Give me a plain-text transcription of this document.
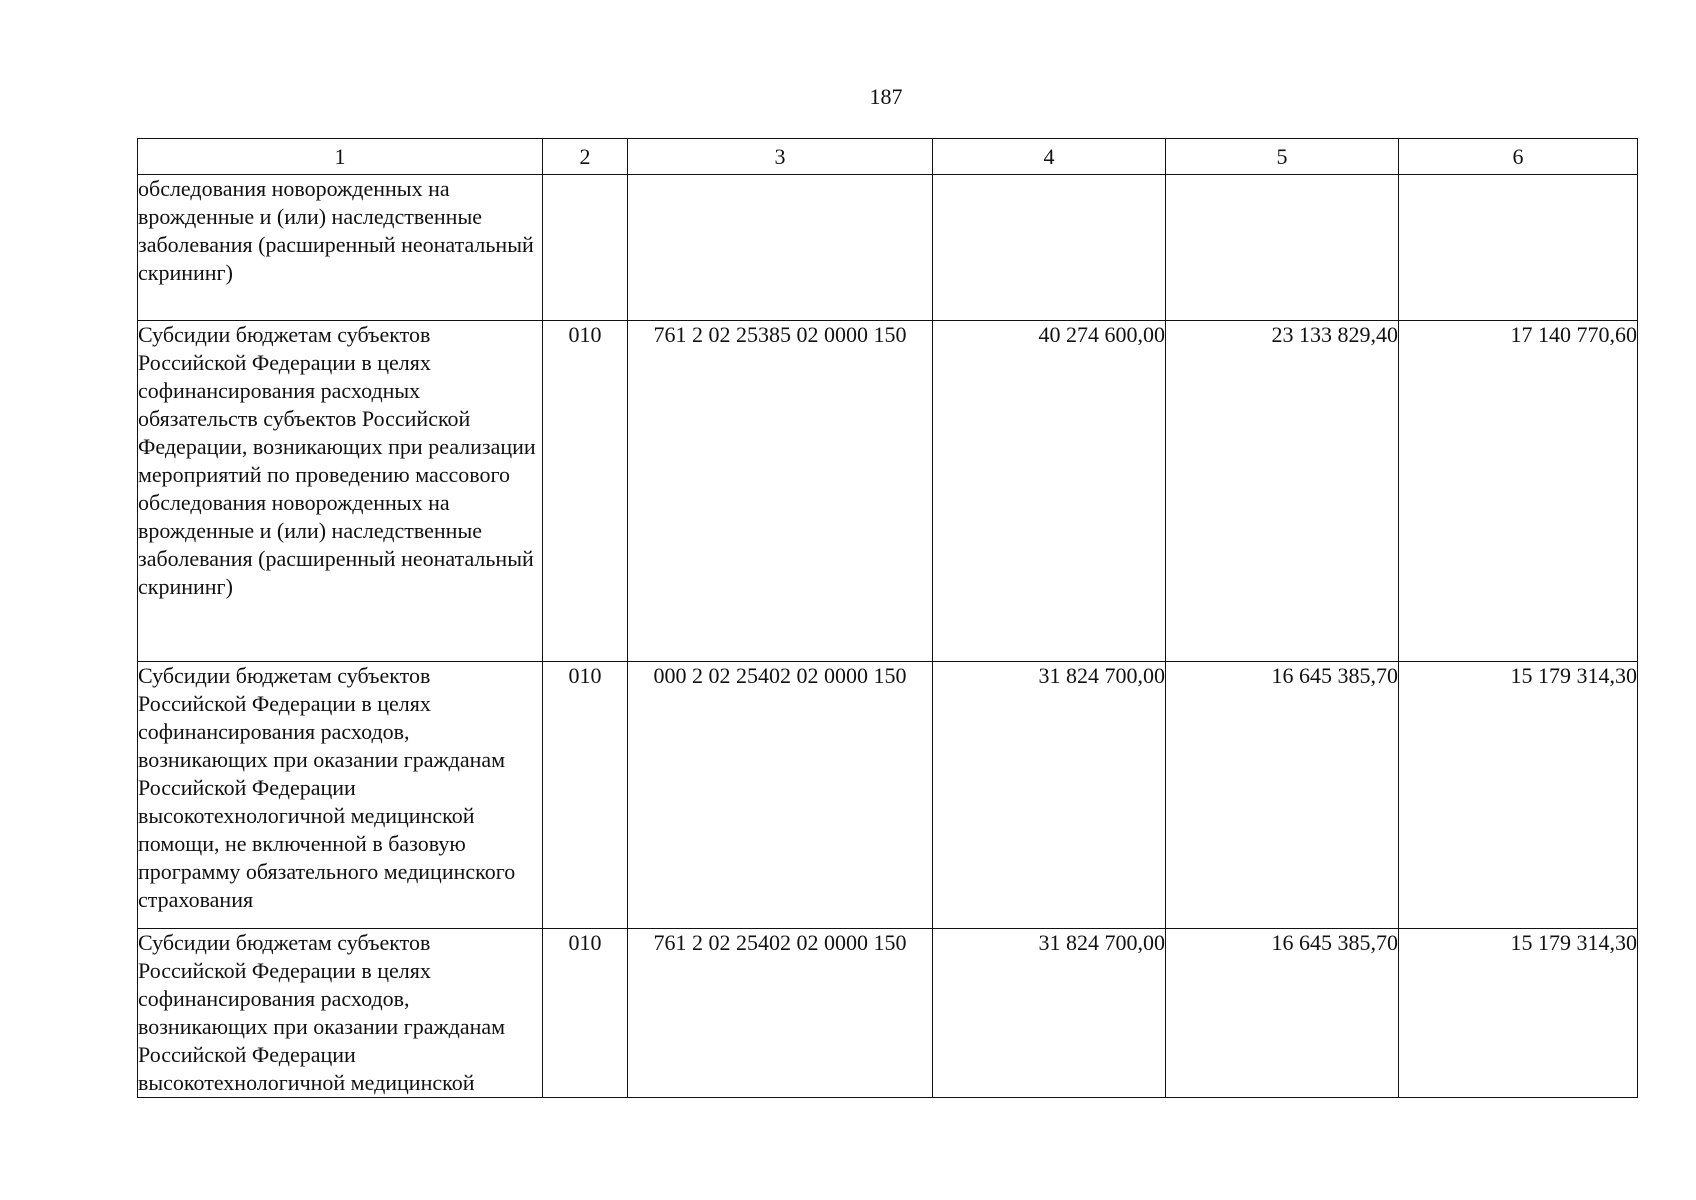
187
1	2	3	4	5	6
обследования новорожденных на врожденные и (или) наследственные заболевания (расширенный неонатальный скрининг)					
Субсидии бюджетам субъектов Российской Федерации в целях софинансирования расходных обязательств субъектов Российской Федерации, возникающих при реализации мероприятий по проведению массового обследования новорожденных на врожденные и (или) наследственные заболевания (расширенный неонатальный скрининг)	010	761 2 02 25385 02 0000 150	40 274 600,00	23 133 829,40	17 140 770,60
Субсидии бюджетам субъектов Российской Федерации в целях софинансирования расходов, возникающих при оказании гражданам Российской Федерации высокотехнологичной медицинской помощи, не включенной в базовую программу обязательного медицинского страхования	010	000 2 02 25402 02 0000 150	31 824 700,00	16 645 385,70	15 179 314,30
Субсидии бюджетам субъектов Российской Федерации в целях софинансирования расходов, возникающих при оказании гражданам Российской Федерации высокотехнологичной медицинской	010	761 2 02 25402 02 0000 150	31 824 700,00	16 645 385,70	15 179 314,30
